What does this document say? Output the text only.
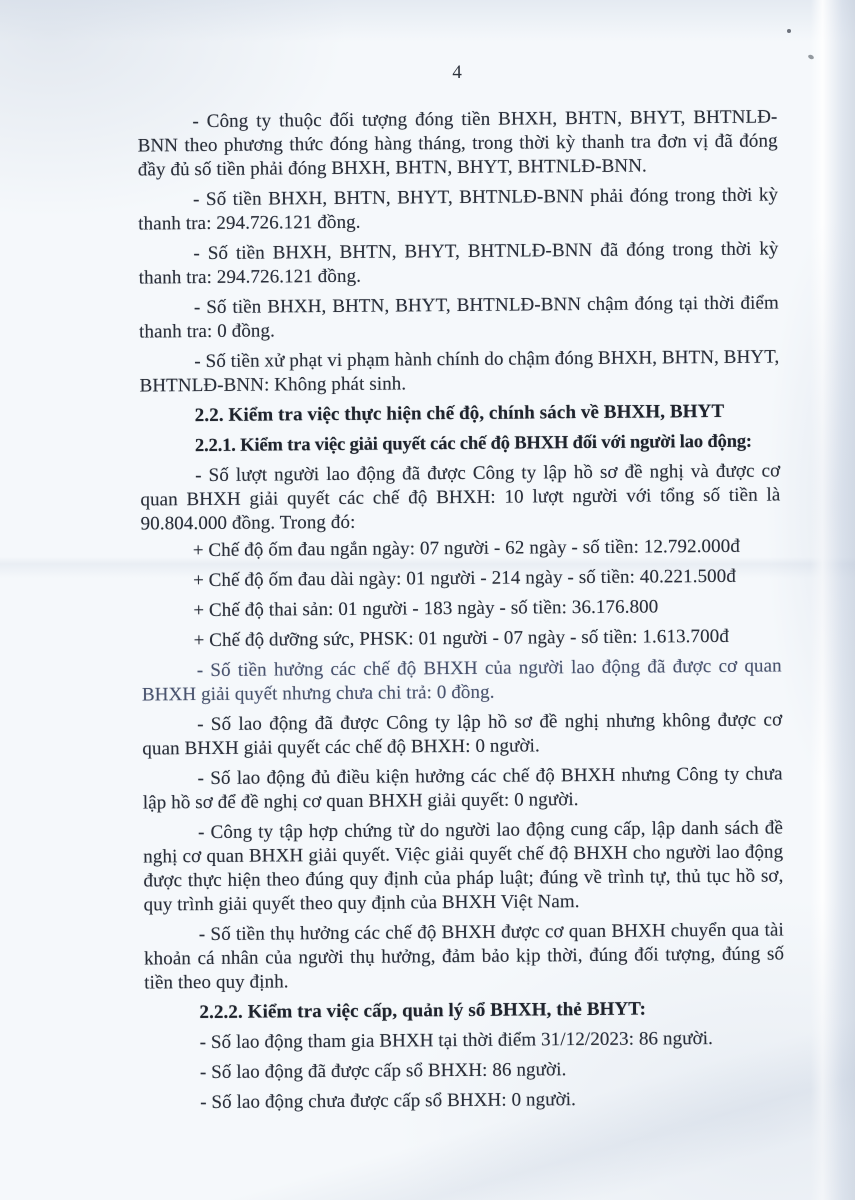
4

- Công ty thuộc đối tượng đóng tiền BHXH, BHTN, BHYT, BHTNLĐ-BNN theo phương thức đóng hàng tháng, trong thời kỳ thanh tra đơn vị đã đóng đầy đủ số tiền phải đóng BHXH, BHTN, BHYT, BHTNLĐ-BNN.

- Số tiền BHXH, BHTN, BHYT, BHTNLĐ-BNN phải đóng trong thời kỳ thanh tra: 294.726.121 đồng.

- Số tiền BHXH, BHTN, BHYT, BHTNLĐ-BNN đã đóng trong thời kỳ thanh tra: 294.726.121 đồng.

- Số tiền BHXH, BHTN, BHYT, BHTNLĐ-BNN chậm đóng tại thời điểm thanh tra: 0 đồng.

- Số tiền xử phạt vi phạm hành chính do chậm đóng BHXH, BHTN, BHYT, BHTNLĐ-BNN: Không phát sinh.

2.2. Kiểm tra việc thực hiện chế độ, chính sách về BHXH, BHYT

2.2.1. Kiểm tra việc giải quyết các chế độ BHXH đối với người lao động:

- Số lượt người lao động đã được Công ty lập hồ sơ đề nghị và được cơ quan BHXH giải quyết các chế độ BHXH: 10 lượt người với tổng số tiền là 90.804.000 đồng. Trong đó:

+ Chế độ ốm đau ngắn ngày: 07 người - 62 ngày - số tiền: 12.792.000đ

+ Chế độ ốm đau dài ngày: 01 người - 214 ngày - số tiền: 40.221.500đ

+ Chế độ thai sản: 01 người - 183 ngày - số tiền: 36.176.800

+ Chế độ dưỡng sức, PHSK: 01 người - 07 ngày - số tiền: 1.613.700đ

- Số tiền hưởng các chế độ BHXH của người lao động đã được cơ quan BHXH giải quyết nhưng chưa chi trả: 0 đồng.

- Số lao động đã được Công ty lập hồ sơ đề nghị nhưng không được cơ quan BHXH giải quyết các chế độ BHXH: 0 người.

- Số lao động đủ điều kiện hưởng các chế độ BHXH nhưng Công ty chưa lập hồ sơ để đề nghị cơ quan BHXH giải quyết: 0 người.

- Công ty tập hợp chứng từ do người lao động cung cấp, lập danh sách đề nghị cơ quan BHXH giải quyết. Việc giải quyết chế độ BHXH cho người lao động được thực hiện theo đúng quy định của pháp luật; đúng về trình tự, thủ tục hồ sơ, quy trình giải quyết theo quy định của BHXH Việt Nam.

- Số tiền thụ hưởng các chế độ BHXH được cơ quan BHXH chuyển qua tài khoản cá nhân của người thụ hưởng, đảm bảo kịp thời, đúng đối tượng, đúng số tiền theo quy định.

2.2.2. Kiểm tra việc cấp, quản lý sổ BHXH, thẻ BHYT:

- Số lao động tham gia BHXH tại thời điểm 31/12/2023: 86 người.

- Số lao động đã được cấp sổ BHXH: 86 người.

- Số lao động chưa được cấp sổ BHXH: 0 người.
